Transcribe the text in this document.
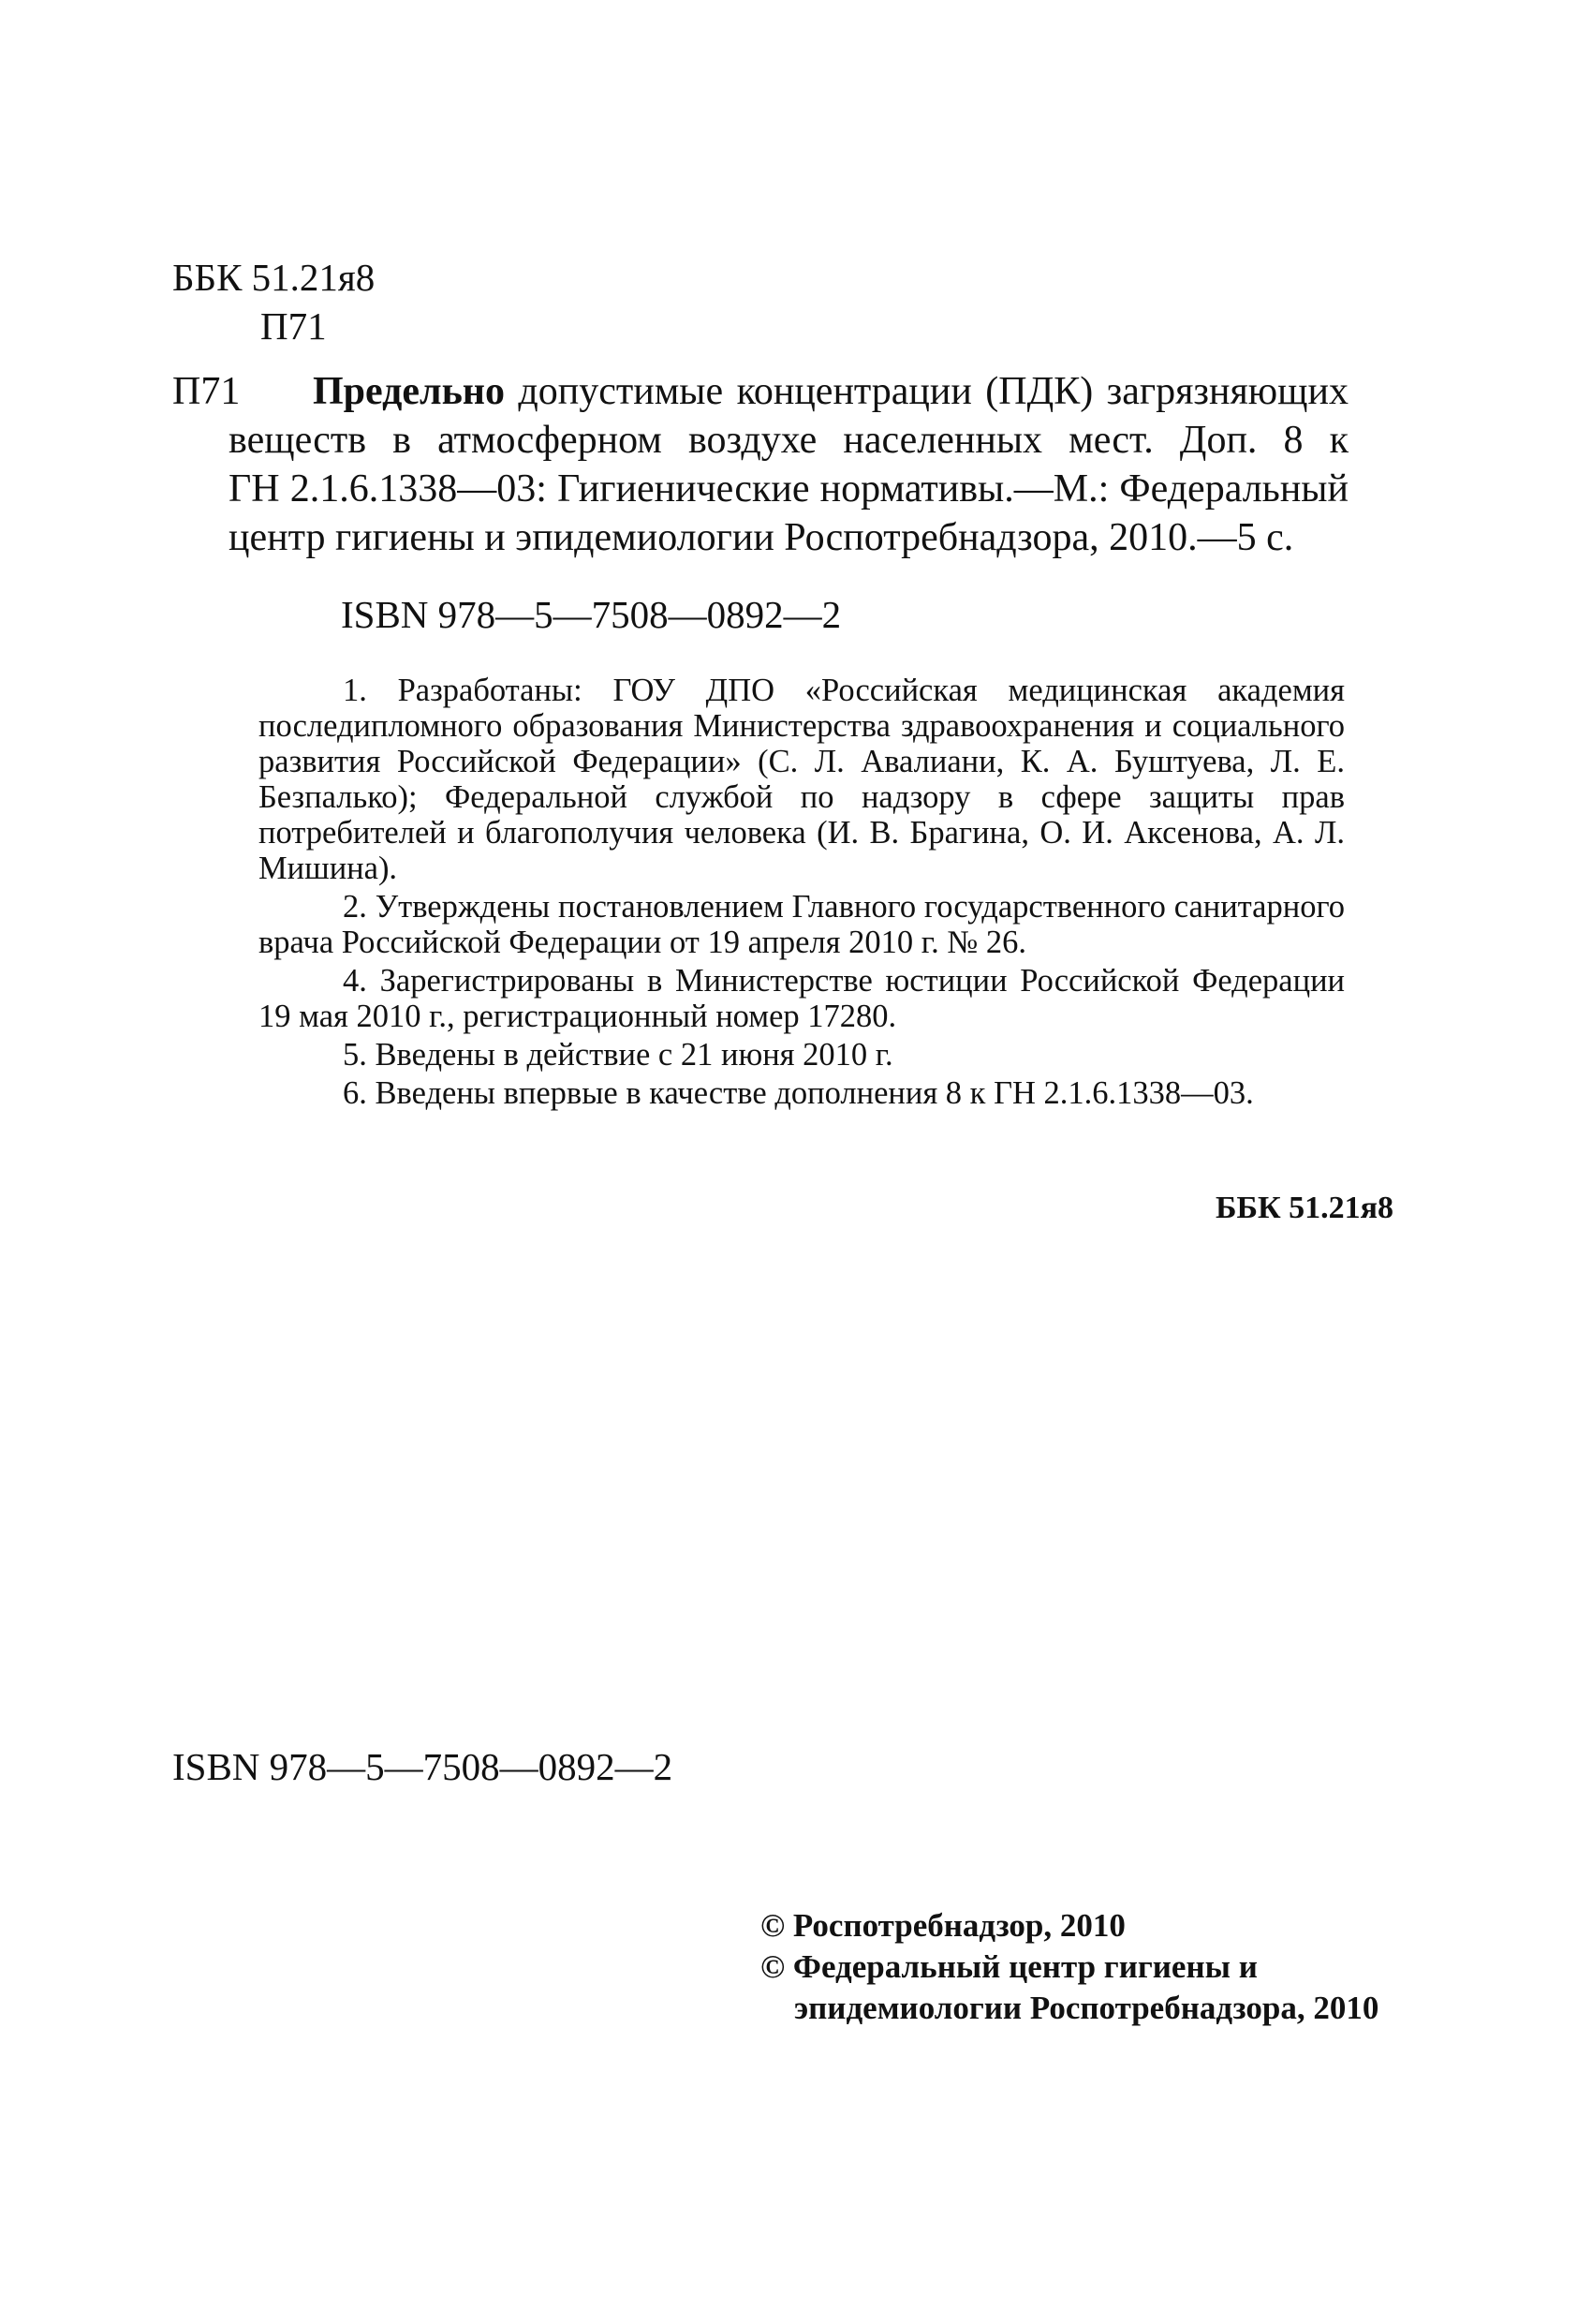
ББК 51.21я8
П71
П71 Предельно допустимые концентрации (ПДК) загрязняющих
веществ в атмосферном воздухе населенных мест. Доп. 8 к
ГН 2.1.6.1338—03: Гигиенические нормативы.—М.: Федеральный
центр гигиены и эпидемиологии Роспотребнадзора, 2010.—5 с.
ISBN 978—5—7508—0892—2

1. Разработаны: ГОУ ДПО «Российская медицинская академия последипломного образования Министерства здравоохранения и социального развития Российской Федерации» (С. Л. Авалиани, К. А. Буштуева, Л. Е. Безпалько); Федеральной службой по надзору в сфере защиты прав потребителей и благополучия человека (И. В. Брагина, О. И. Аксенова, А. Л. Мишина).

2. Утверждены постановлением Главного государственного санитарного врача Российской Федерации от 19 апреля 2010 г. № 26.

4. Зарегистрированы в Министерстве юстиции Российской Федерации 19 мая 2010 г., регистрационный номер 17280.

5. Введены в действие с 21 июня 2010 г.

6. Введены впервые в качестве дополнения 8 к ГН 2.1.6.1338—03.

ББК 51.21я8
ISBN 978—5—7508—0892—2
© Роспотребнадзор, 2010
© Федеральный центр гигиены и
эпидемиологии Роспотребнадзора, 2010
